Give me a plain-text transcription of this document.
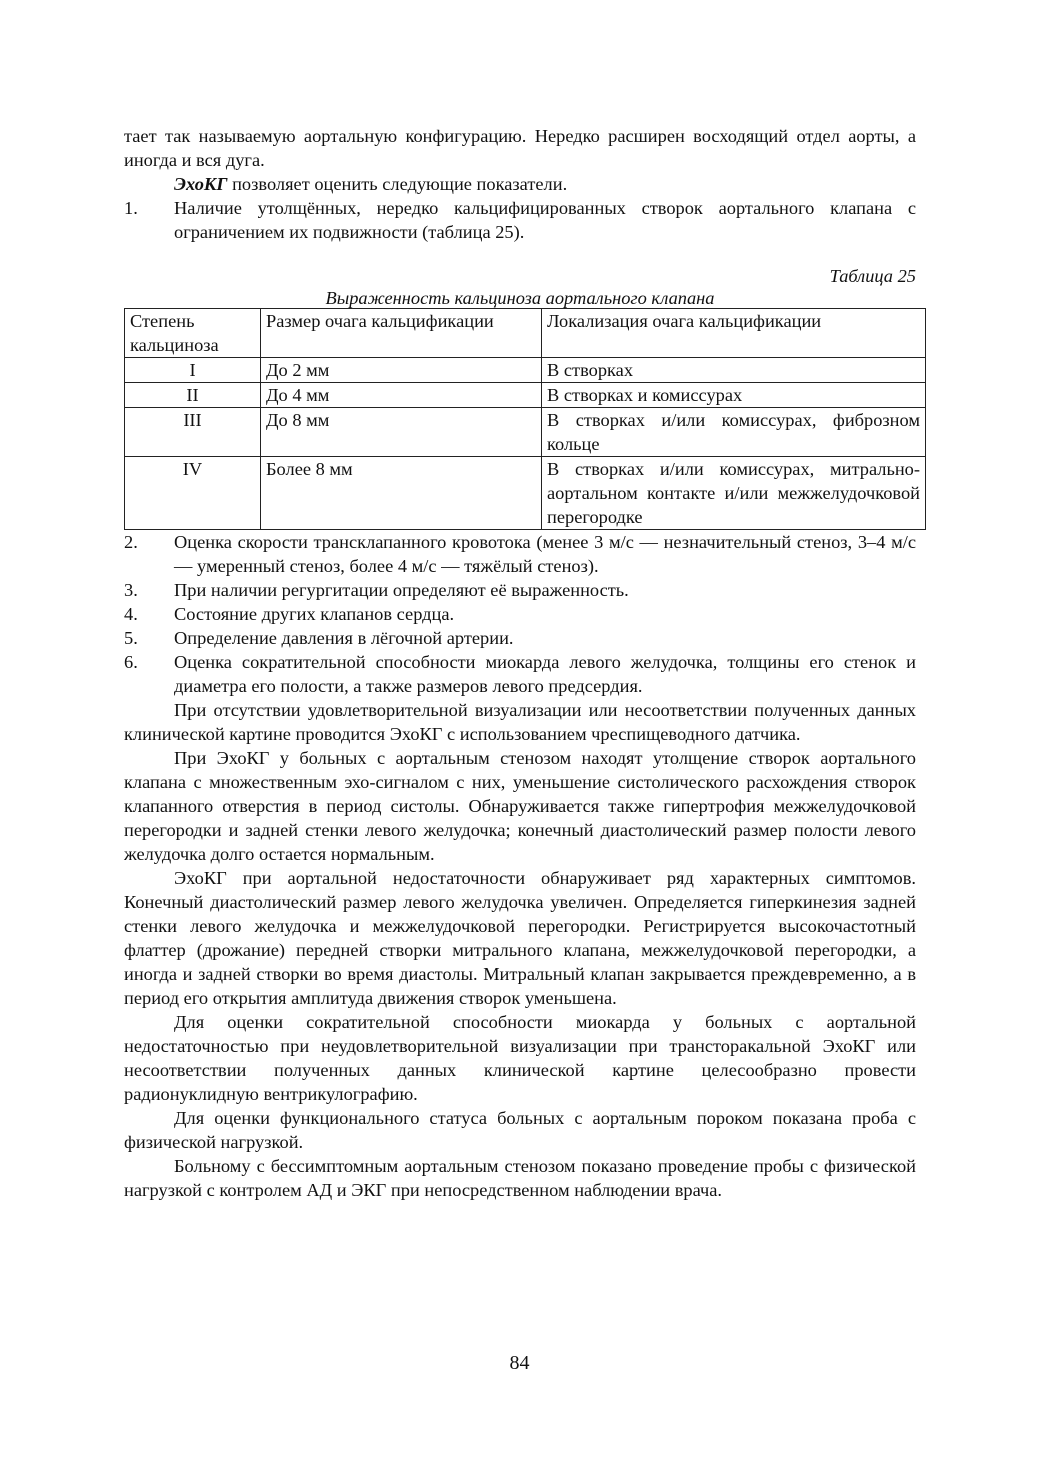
тает так называемую аортальную конфигурацию. Нередко расширен восходящий отдел аорты, а иногда и вся дуга.

ЭхоКГ позволяет оценить следующие показатели.

1.	Наличие утолщённых, нередко кальцифицированных створок аортального клапана с ограничением их подвижности (таблица 25).
Таблица 25
Выраженность кальциноза аортального клапана
Степень кальциноза	Размер очага кальцификации	Локализация очага кальцификации
I	До 2 мм	В створках
II	До 4 мм	В створках и комиссурах
III	До 8 мм	В створках и/или комиссурах, фиброзном кольце
IV	Более 8 мм	В створках и/или комиссурах, митрально-аортальном контакте и/или межжелудочковой перегородке
2.	Оценка скорости трансклапанного кровотока (менее 3 м/с — незначительный стеноз, 3–4 м/с — умеренный стеноз, более 4 м/с — тяжёлый стеноз).
3.	При наличии регургитации определяют её выраженность.
4.	Состояние других клапанов сердца.
5.	Определение давления в лёгочной артерии.
6.	Оценка сократительной способности миокарда левого желудочка, толщины его стенок и диаметра его полости, а также размеров левого предсердия.

При отсутствии удовлетворительной визуализации или несоответствии полученных данных клинической картине проводится ЭхоКГ с использованием чреспищеводного датчика.

При ЭхоКГ у больных с аортальным стенозом находят утолщение створок аортального клапана с множественным эхо-сигналом с них, уменьшение систолического расхождения створок клапанного отверстия в период систолы. Обнаруживается также гипертрофия межжелудочковой перегородки и задней стенки левого желудочка; конечный диастолический размер полости левого желудочка долго остается нормальным.

ЭхоКГ при аортальной недостаточности обнаруживает ряд характерных симптомов. Конечный диастолический размер левого желудочка увеличен. Определяется гиперкинезия задней стенки левого желудочка и межжелудочковой перегородки. Регистрируется высокочастотный флаттер (дрожание) передней створки митрального клапана, межжелудочковой перегородки, а иногда и задней створки во время диастолы. Митральный клапан закрывается преждевременно, а в период его открытия амплитуда движения створок уменьшена.

Для оценки сократительной способности миокарда у больных с аортальной недостаточностью при неудовлетворительной визуализации при трансторакальной ЭхоКГ или несоответствии полученных данных клинической картине целесообразно провести радионуклидную вентрикулографию.

Для оценки функционального статуса больных с аортальным пороком показана проба с физической нагрузкой.

Больному с бессимптомным аортальным стенозом показано проведение пробы с физической нагрузкой с контролем АД и ЭКГ при непосредственном наблюдении врача.

84
